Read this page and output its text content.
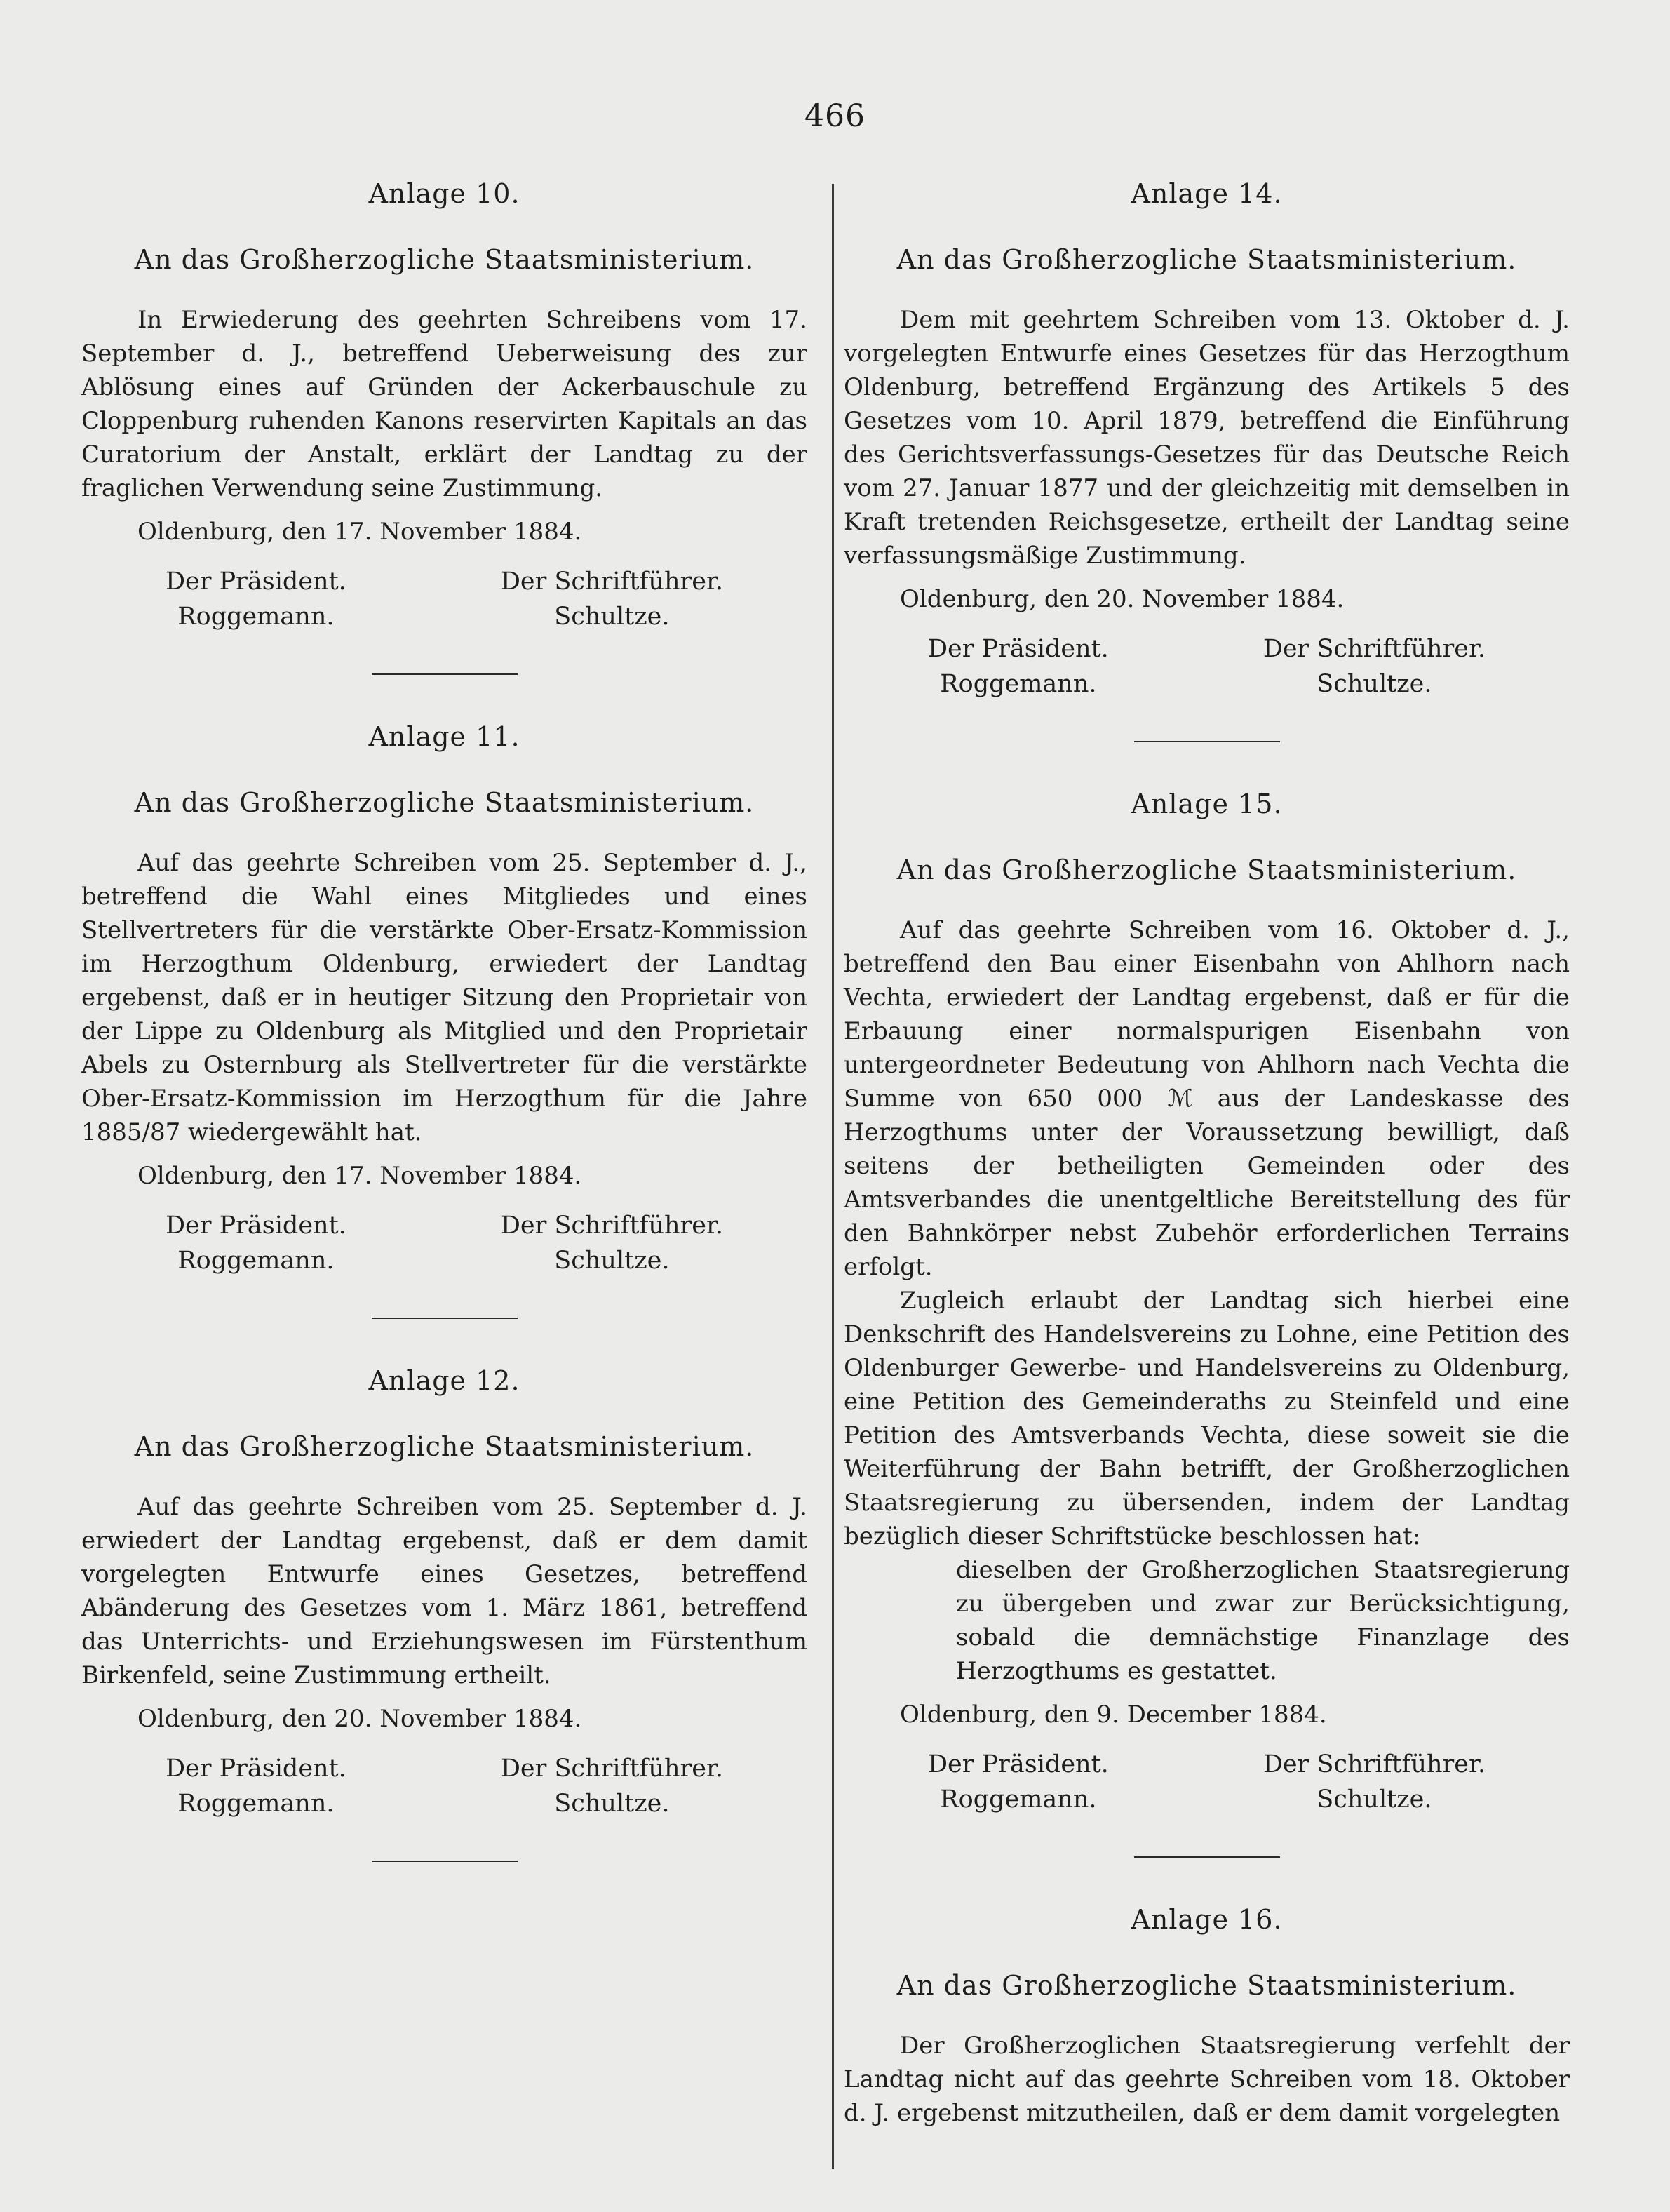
466
Anlage 10.
An das Großherzogliche Staatsministerium.

In Erwiederung des geehrten Schreibens vom 17. September d. J., betreffend Ueberweisung des zur Ablösung eines auf Gründen der Ackerbauschule zu Cloppenburg ruhenden Kanons reservirten Kapitals an das Curatorium der Anstalt, erklärt der Landtag zu der fraglichen Verwendung seine Zustimmung.

Oldenburg, den 17. November 1884.
Der Präsident.
Roggemann.
Der Schriftführer.
Schultze.
Anlage 11.
An das Großherzogliche Staatsministerium.

Auf das geehrte Schreiben vom 25. September d. J., betreffend die Wahl eines Mitgliedes und eines Stellvertreters für die verstärkte Ober-Ersatz-Kommission im Herzogthum Oldenburg, erwiedert der Landtag ergebenst, daß er in heutiger Sitzung den Proprietair von der Lippe zu Oldenburg als Mitglied und den Proprietair Abels zu Osternburg als Stellvertreter für die verstärkte Ober-Ersatz-Kommission im Herzogthum für die Jahre 1885/87 wiedergewählt hat.

Oldenburg, den 17. November 1884.
Der Präsident.
Roggemann.
Der Schriftführer.
Schultze.
Anlage 12.
An das Großherzogliche Staatsministerium.

Auf das geehrte Schreiben vom 25. September d. J. erwiedert der Landtag ergebenst, daß er dem damit vorgelegten Entwurfe eines Gesetzes, betreffend Abänderung des Gesetzes vom 1. März 1861, betreffend das Unterrichts- und Erziehungswesen im Fürstenthum Birkenfeld, seine Zustimmung ertheilt.

Oldenburg, den 20. November 1884.
Der Präsident.
Roggemann.
Der Schriftführer.
Schultze.
Anlage 14.
An das Großherzogliche Staatsministerium.

Dem mit geehrtem Schreiben vom 13. Oktober d. J. vorgelegten Entwurfe eines Gesetzes für das Herzogthum Oldenburg, betreffend Ergänzung des Artikels 5 des Gesetzes vom 10. April 1879, betreffend die Einführung des Gerichtsverfassungs-Gesetzes für das Deutsche Reich vom 27. Januar 1877 und der gleichzeitig mit demselben in Kraft tretenden Reichsgesetze, ertheilt der Landtag seine verfassungsmäßige Zustimmung.

Oldenburg, den 20. November 1884.
Der Präsident.
Roggemann.
Der Schriftführer.
Schultze.
Anlage 15.
An das Großherzogliche Staatsministerium.

Auf das geehrte Schreiben vom 16. Oktober d. J., betreffend den Bau einer Eisenbahn von Ahlhorn nach Vechta, erwiedert der Landtag ergebenst, daß er für die Erbauung einer normalspurigen Eisenbahn von untergeordneter Bedeutung von Ahlhorn nach Vechta die Summe von 650 000 ℳ aus der Landeskasse des Herzogthums unter der Voraussetzung bewilligt, daß seitens der betheiligten Gemeinden oder des Amtsverbandes die unentgeltliche Bereitstellung des für den Bahnkörper nebst Zubehör erforderlichen Terrains erfolgt.

Zugleich erlaubt der Landtag sich hierbei eine Denkschrift des Handelsvereins zu Lohne, eine Petition des Oldenburger Gewerbe- und Handelsvereins zu Oldenburg, eine Petition des Gemeinderaths zu Steinfeld und eine Petition des Amtsverbands Vechta, diese soweit sie die Weiterführung der Bahn betrifft, der Großherzoglichen Staatsregierung zu übersenden, indem der Landtag bezüglich dieser Schriftstücke beschlossen hat:

dieselben der Großherzoglichen Staatsregierung zu übergeben und zwar zur Berücksichtigung, sobald die demnächstige Finanzlage des Herzogthums es gestattet.

Oldenburg, den 9. December 1884.
Der Präsident.
Roggemann.
Der Schriftführer.
Schultze.
Anlage 16.
An das Großherzogliche Staatsministerium.

Der Großherzoglichen Staatsregierung verfehlt der Landtag nicht auf das geehrte Schreiben vom 18. Oktober d. J. ergebenst mitzutheilen, daß er dem damit vorgelegten
